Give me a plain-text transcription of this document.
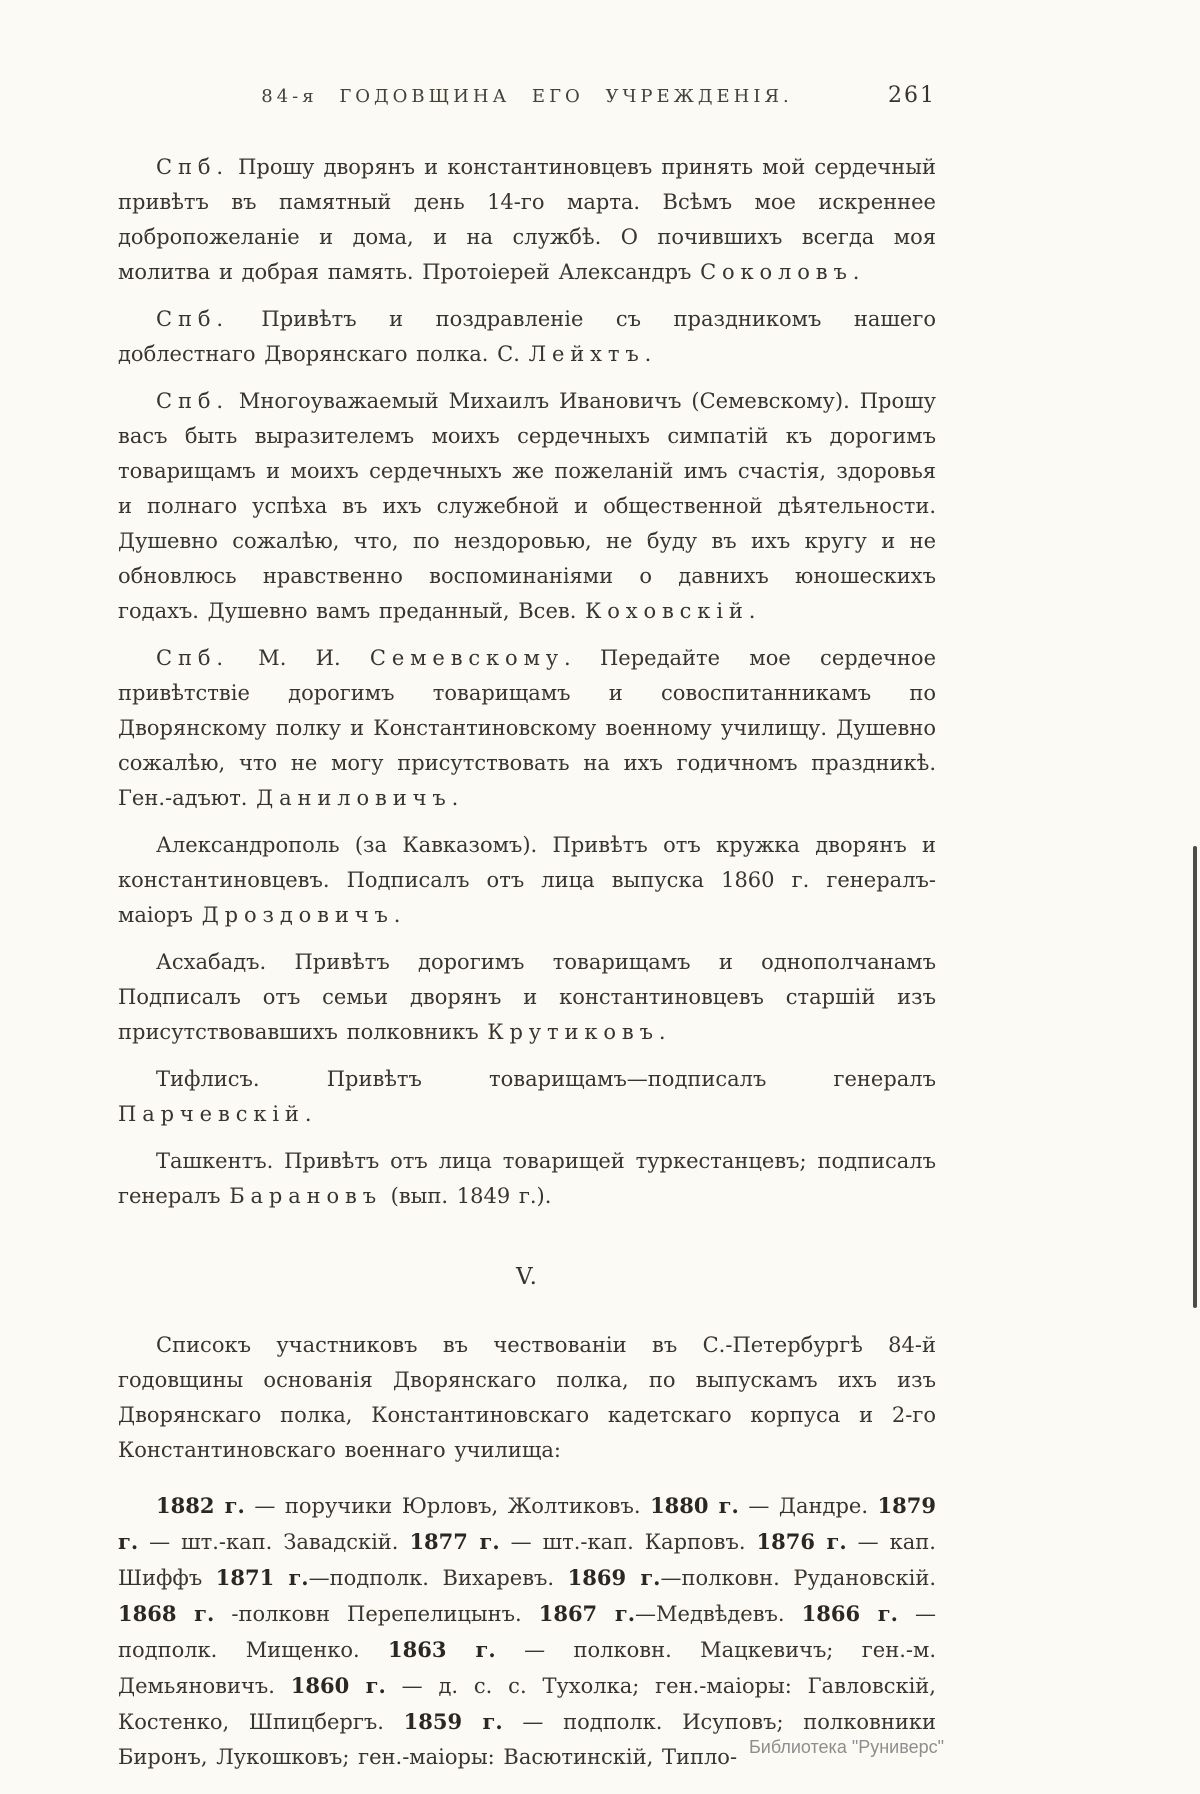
84-я ГОДОВЩИНА ЕГО УЧРЕЖДЕНІЯ.	261

Спб. Прошу дворянъ и константиновцевъ принять мой сердечный привѣтъ въ памятный день 14-го марта. Всѣмъ мое искреннее добропожеланіе и дома, и на службѣ. О почившихъ всегда моя молитва и добрая память. Протоіерей Александръ Соколовъ.

Спб. Привѣтъ и поздравленіе съ праздникомъ нашего доблестнаго Дворянскаго полка. С. Лейхтъ.

Спб. Многоуважаемый Михаилъ Ивановичъ (Семевскому). Прошу васъ быть выразителемъ моихъ сердечныхъ симпатій къ дорогимъ товарищамъ и моихъ сердечныхъ же пожеланій имъ счастія, здоровья и полнаго успѣха въ ихъ служебной и общественной дѣятельности. Душевно сожалѣю, что, по нездоровью, не буду въ ихъ кругу и не обновлюсь нравственно воспоминаніями о давнихъ юношескихъ годахъ. Душевно вамъ преданный, Всев. Коховскій.

Спб. М. И. Семевскому. Передайте мое сердечное привѣтствіе дорогимъ товарищамъ и совоспитанникамъ по Дворянскому полку и Константиновскому военному училищу. Душевно сожалѣю, что не могу присутствовать на ихъ годичномъ праздникѣ. Ген.-адъют. Даниловичъ.

Александрополь (за Кавказомъ). Привѣтъ отъ кружка дворянъ и константиновцевъ. Подписалъ отъ лица выпуска 1860 г. генералъ-маіоръ Дроздовичъ.

Асхабадъ. Привѣтъ дорогимъ товарищамъ и однополчанамъ Подписалъ отъ семьи дворянъ и константиновцевъ старшій изъ присутствовавшихъ полковникъ Крутиковъ.

Тифлисъ. Привѣтъ товарищамъ—подписалъ генералъ Парчевскій.

Ташкентъ. Привѣтъ отъ лица товарищей туркестанцевъ; подписалъ генералъ Барановъ (вып. 1849 г.).

V.

Списокъ участниковъ въ чествованіи въ С.-Петербургѣ 84-й годовщины основанія Дворянскаго полка, по выпускамъ ихъ изъ Дворянскаго полка, Константиновскаго кадетскаго корпуса и 2-го Константиновскаго военнаго училища:

1882 г. — поручики Юрловъ, Жолтиковъ. 1880 г. — Дандре. 1879 г. — шт.-кап. Завадскій. 1877 г. — шт.-кап. Карповъ. 1876 г. — кап. Шиффъ 1871 г.—подполк. Вихаревъ. 1869 г.—полковн. Рудановскій. 1868 г. -полковн Перепелицынъ. 1867 г.—Медвѣдевъ. 1866 г. — подполк. Мищенко. 1863 г. — полковн. Мацкевичъ; ген.-м. Демьяновичъ. 1860 г. — д. с. с. Тухолка; ген.-маіоры: Гавловскій, Костенко, Шпицбергъ. 1859 г. — подполк. Исуповъ; полковники Биронъ, Лукошковъ; ген.-маіоры: Васютинскій, Типло- Библиотека "Руниверс"
